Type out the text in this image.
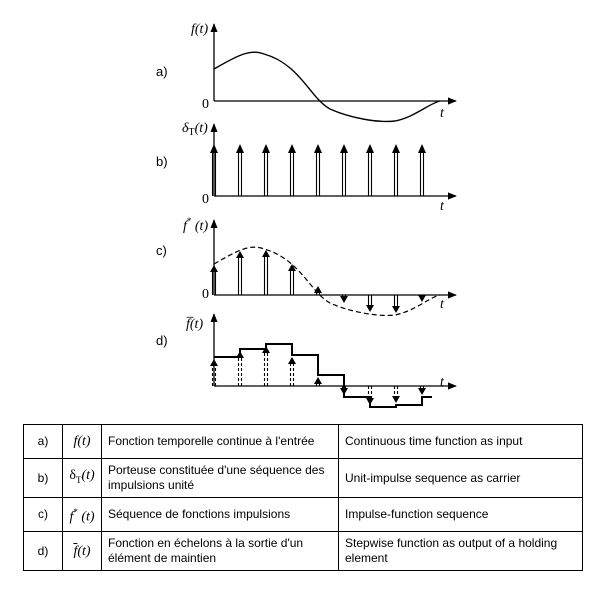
a)
f(t)
0
t
b)
$\delta_T(t)$
0	t
c)
f* (t)
0
t
d)
f̅(t)
t
a)	f(t)	Fonction temporelle continue à l'entrée	Continuous time function as input
b)	$\delta_T(t)$	Porteuse constituée d'une séquence des impulsions unité	Unit-impulse sequence as carrier
c)	f* (t)	Séquence de fonctions impulsions	Impulse-function sequence
d)	$\overline{f}(t)$	Fonction en échelons à la sortie d'un élément de maintien	Stepwise function as output of a holding element
